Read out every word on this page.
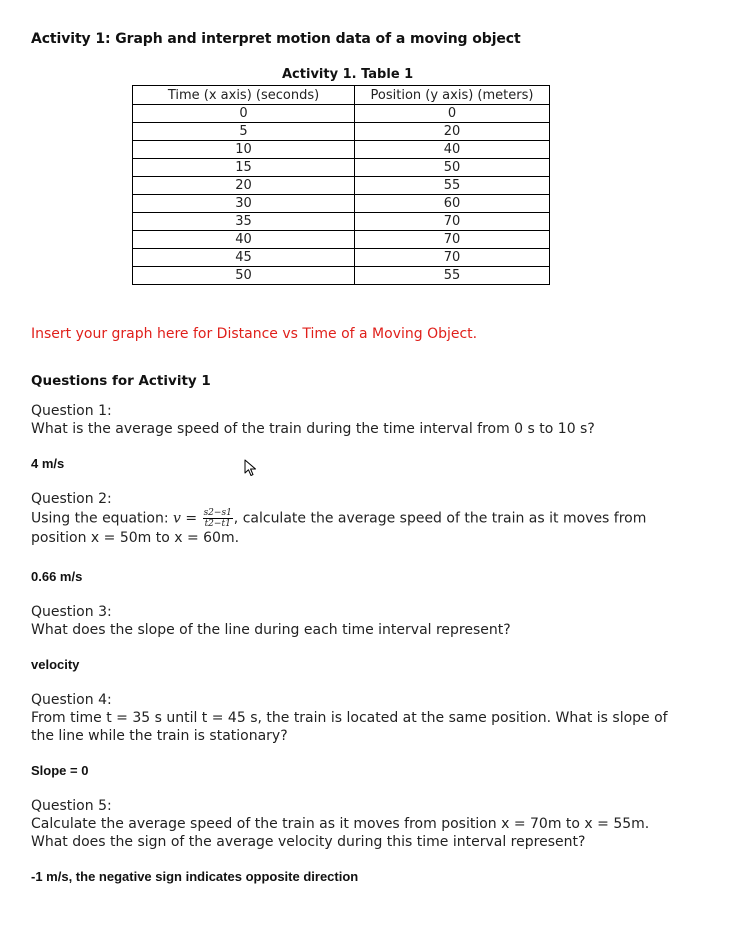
Activity 1: Graph and interpret motion data of a moving object
Activity 1. Table 1
Time (x axis) (seconds)	Position (y axis) (meters)
0	0
5	20
10	40
15	50
20	55
30	60
35	70
40	70
45	70
50	55
Insert your graph here for Distance vs Time of a Moving Object.
Questions for Activity 1
Question 1:
What is the average speed of the train during the time interval from 0 s to 10 s?
4 m/s
Question 2:
Using the equation: $v = \frac{s2-s1}{t2-t1}$ , calculate the average speed of the train as it moves from position x = 50m to x = 60m.
0.66 m/s
Question 3:
What does the slope of the line during each time interval represent?
velocity
Question 4:
From time t = 35 s until t = 45 s, the train is located at the same position. What is slope of the line while the train is stationary?
Slope = 0
Question 5:
Calculate the average speed of the train as it moves from position x = 70m to x = 55m. What does the sign of the average velocity during this time interval represent?
-1 m/s, the negative sign indicates opposite direction
